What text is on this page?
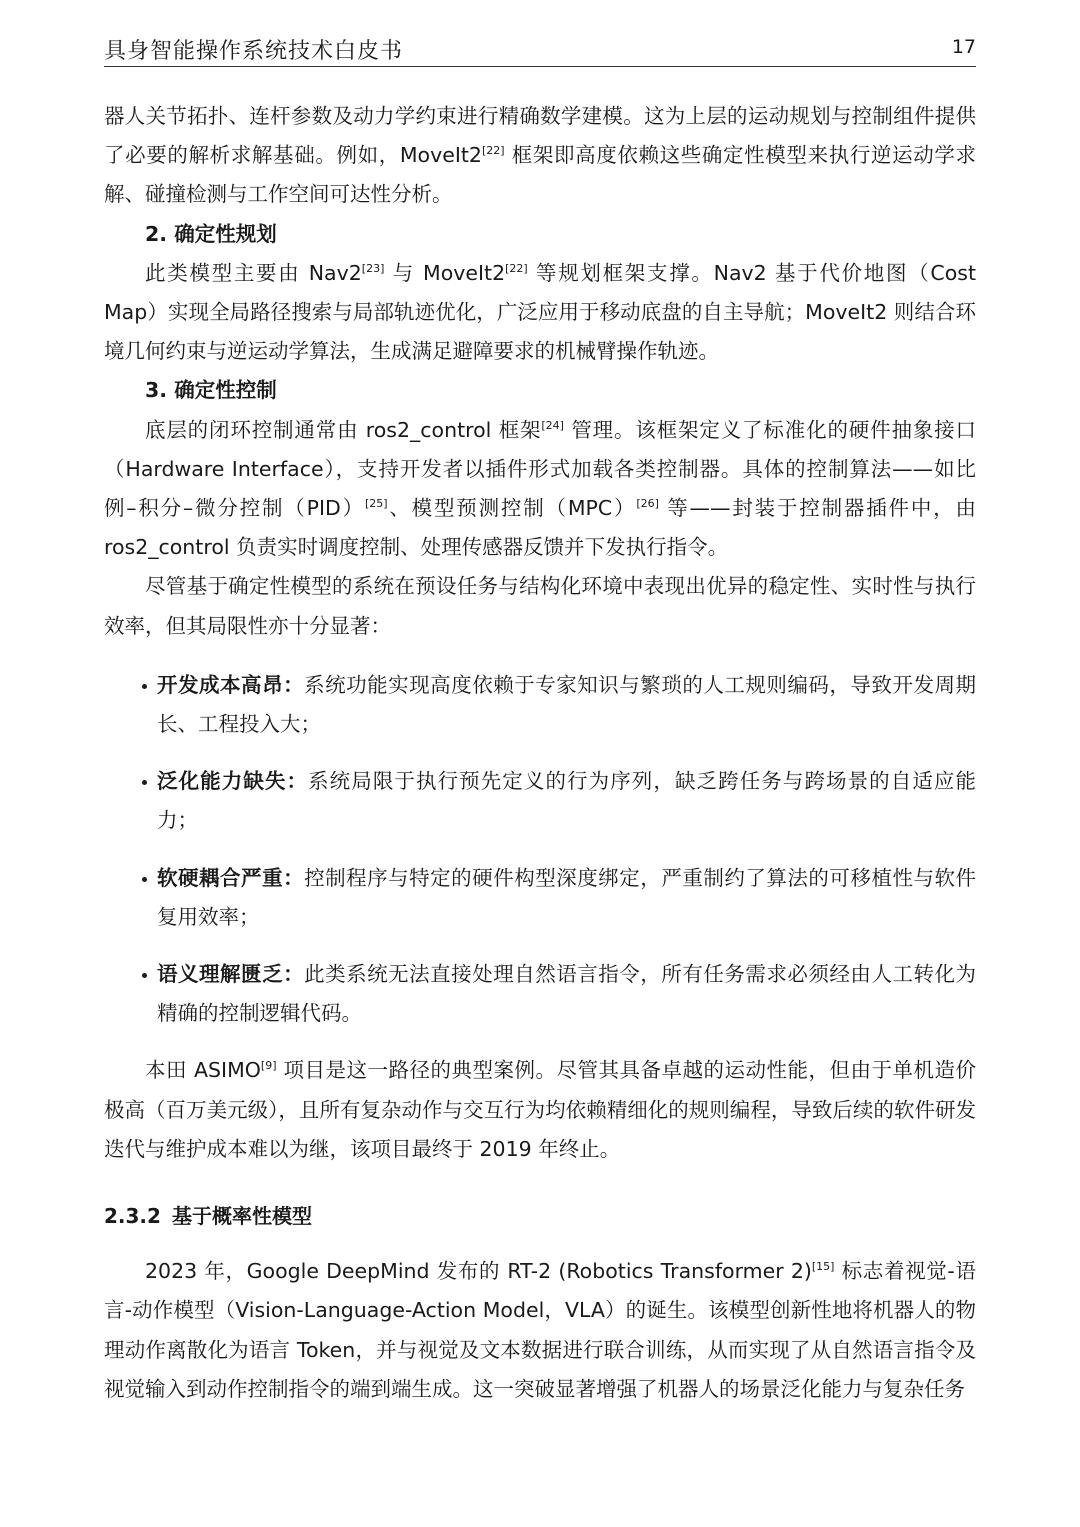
具身智能操作系统技术白皮书	17

器人关节拓扑、连杆参数及动力学约束进行精确数学建模。这为上层的运动规划与控制组件提供了必要的解析求解基础。例如，MoveIt2[22] 框架即高度依赖这些确定性模型来执行逆运动学求解、碰撞检测与工作空间可达性分析。

2. 确定性规划

此类模型主要由 Nav2[23] 与 MoveIt2[22] 等规划框架支撑。Nav2 基于代价地图（Cost Map）实现全局路径搜索与局部轨迹优化，广泛应用于移动底盘的自主导航；MoveIt2 则结合环境几何约束与逆运动学算法，生成满足避障要求的机械臂操作轨迹。

3. 确定性控制

底层的闭环控制通常由 ros2_control 框架[24] 管理。该框架定义了标准化的硬件抽象接口（Hardware Interface），支持开发者以插件形式加载各类控制器。具体的控制算法——如比例–积分–微分控制（PID）[25]、模型预测控制（MPC）[26] 等——封装于控制器插件中，由 ros2_control 负责实时调度控制、处理传感器反馈并下发执行指令。

尽管基于确定性模型的系统在预设任务与结构化环境中表现出优异的稳定性、实时性与执行效率，但其局限性亦十分显著：

开发成本高昂：系统功能实现高度依赖于专家知识与繁琐的人工规则编码，导致开发周期长、工程投入大；
泛化能力缺失：系统局限于执行预先定义的行为序列，缺乏跨任务与跨场景的自适应能力；
软硬耦合严重：控制程序与特定的硬件构型深度绑定，严重制约了算法的可移植性与软件复用效率；
语义理解匮乏：此类系统无法直接处理自然语言指令，所有任务需求必须经由人工转化为精确的控制逻辑代码。

本田 ASIMO[9] 项目是这一路径的典型案例。尽管其具备卓越的运动性能，但由于单机造价极高（百万美元级），且所有复杂动作与交互行为均依赖精细化的规则编程，导致后续的软件研发迭代与维护成本难以为继，该项目最终于 2019 年终止。

2.3.2 基于概率性模型

2023 年，Google DeepMind 发布的 RT-2 (Robotics Transformer 2)[15] 标志着视觉-语言-动作模型（Vision-Language-Action Model，VLA）的诞生。该模型创新性地将机器人的物理动作离散化为语言 Token，并与视觉及文本数据进行联合训练，从而实现了从自然语言指令及视觉输入到动作控制指令的端到端生成。这一突破显著增强了机器人的场景泛化能力与复杂任务
